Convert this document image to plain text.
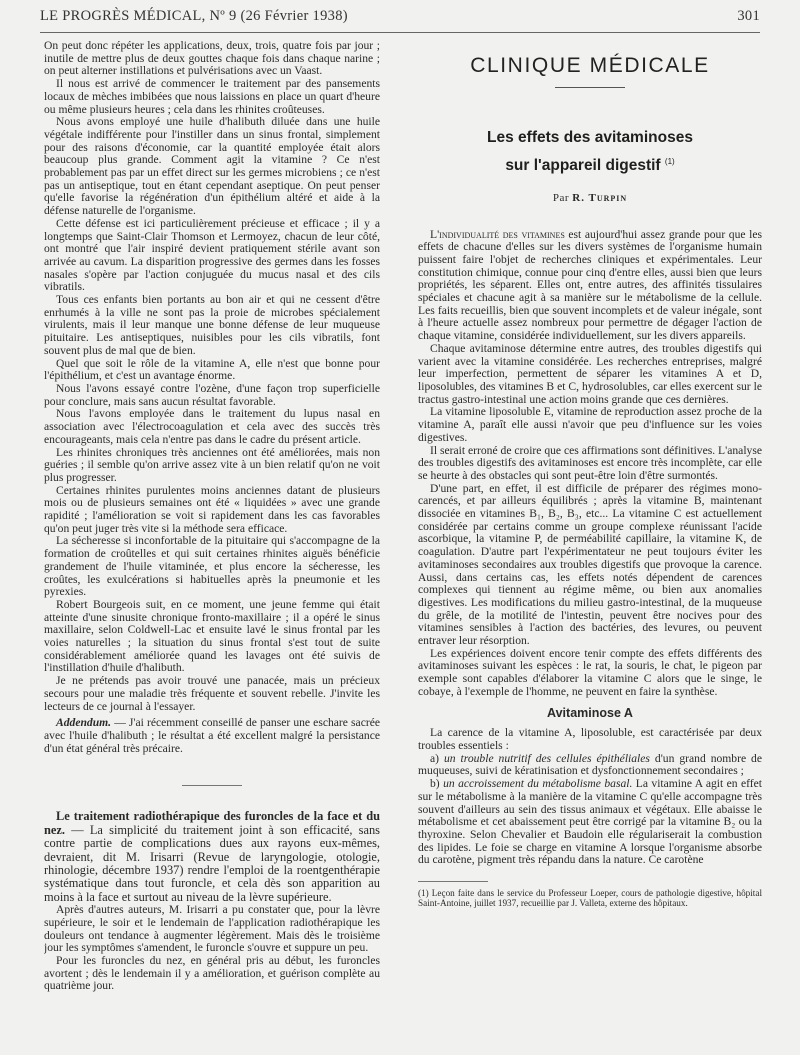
LE PROGRÈS MÉDICAL, Nº 9 (26 Février 1938)	301

On peut donc répéter les applications, deux, trois, quatre fois par jour ; inutile de mettre plus de deux gouttes chaque fois dans chaque narine ; on peut alterner instillations et pulvérisations avec un Vaast.

Il nous est arrivé de commencer le traitement par des pansements locaux de mèches imbibées que nous laissions en place un quart d'heure ou même plusieurs heures ; cela dans les rhinites croûteuses.

Nous avons employé une huile d'halibuth diluée dans une huile végétale indifférente pour l'instiller dans un sinus frontal, simplement pour des raisons d'économie, car la quantité employée était alors beaucoup plus grande. Comment agit la vitamine ? Ce n'est probablement pas par un effet direct sur les germes microbiens ; ce n'est pas un antiseptique, tout en étant cependant aseptique. On peut penser qu'elle favorise la régénération d'un épithélium altéré et aide à la défense naturelle de l'organisme.

Cette défense est ici particulièrement précieuse et efficace ; il y a longtemps que Saint-Clair Thomson et Lermoyez, chacun de leur côté, ont montré que l'air inspiré devient pratiquement stérile avant son arrivée au cavum. La disparition progressive des germes dans les fosses nasales s'opère par l'action conjuguée du mucus nasal et des cils vibratils.

Tous ces enfants bien portants au bon air et qui ne cessent d'être enrhumés à la ville ne sont pas la proie de microbes spécialement virulents, mais il leur manque une bonne défense de leur muqueuse pituitaire. Les antiseptiques, nuisibles pour les cils vibratils, font souvent plus de mal que de bien.

Quel que soit le rôle de la vitamine A, elle n'est que bonne pour l'épithélium, et c'est un avantage énorme.

Nous l'avons essayé contre l'ozène, d'une façon trop superficielle pour conclure, mais sans aucun résultat favorable.

Nous l'avons employée dans le traitement du lupus nasal en association avec l'électrocoagulation et cela avec des succès très encourageants, mais cela n'entre pas dans le cadre du présent article.

Les rhinites chroniques très anciennes ont été améliorées, mais non guéries ; il semble qu'on arrive assez vite à un bien relatif qu'on ne voit plus progresser.

Certaines rhinites purulentes moins anciennes datant de plusieurs mois ou de plusieurs semaines ont été « liquidées » avec une grande rapidité ; l'amélioration se voit si rapidement dans les cas favorables qu'on peut juger très vite si la méthode sera efficace.

La sécheresse si inconfortable de la pituitaire qui s'accompagne de la formation de croûtelles et qui suit certaines rhinites aiguës bénéficie grandement de l'huile vitaminée, et plus encore la sécheresse, les croûtes, les exulcérations si habituelles après la pneumonie et les pyrexies.

Robert Bourgeois suit, en ce moment, une jeune femme qui était atteinte d'une sinusite chronique fronto-maxillaire ; il a opéré le sinus maxillaire, selon Coldwell-Lac et ensuite lavé le sinus frontal par les voies naturelles ; la situation du sinus frontal s'est tout de suite considérablement améliorée quand les lavages ont été suivis de l'instillation d'huile d'halibuth.

Je ne prétends pas avoir trouvé une panacée, mais un précieux secours pour une maladie très fréquente et souvent rebelle. J'invite les lecteurs de ce journal à l'essayer.

Addendum. — J'ai récemment conseillé de panser une eschare sacrée avec l'huile d'halibuth ; le résultat a été excellent malgré la persistance d'un état général très précaire.

Le traitement radiothérapique des furoncles de la face et du nez. — La simplicité du traitement joint à son efficacité, sans contre partie de complications dues aux rayons eux-mêmes, devraient, dit M. Irisarri (Revue de laryngologie, otologie, rhinologie, décembre 1937) rendre l'emploi de la roentgenthérapie systématique dans tout furoncle, et cela dès son apparition au moins à la face et surtout au niveau de la lèvre supérieure.

Après d'autres auteurs, M. Irisarri a pu constater que, pour la lèvre supérieure, le soir et le lendemain de l'application radiothérapique les douleurs ont tendance à augmenter légèrement. Mais dès le troisième jour les symptômes s'amendent, le furoncle s'ouvre et suppure un peu.

Pour les furoncles du nez, en général pris au début, les furoncles avortent ; dès le lendemain il y a amélioration, et guérison complète au quatrième jour.

CLINIQUE MÉDICALE
Les effets des avitaminoses
sur l'appareil digestif $^{(1)}$
Par R. Turpin

L'individualité des vitamines est aujourd'hui assez grande pour que les effets de chacune d'elles sur les divers systèmes de l'organisme humain puissent faire l'objet de recherches cliniques et expérimentales. Leur constitution chimique, connue pour cinq d'entre elles, aussi bien que leurs propriétés, les séparent. Elles ont, entre autres, des affinités tissulaires spéciales et chacune agit à sa manière sur le métabolisme de la cellule. Les faits recueillis, bien que souvent incomplets et de valeur inégale, sont à l'heure actuelle assez nombreux pour permettre de dégager l'action de chaque vitamine, considérée individuellement, sur les divers appareils.

Chaque avitaminose détermine entre autres, des troubles digestifs qui varient avec la vitamine considérée. Les recherches entreprises, malgré leur imperfection, permettent de séparer les vitamines A et D, liposolubles, des vitamines B et C, hydrosolubles, car elles exercent sur le tractus gastro-intestinal une action moins grande que ces dernières.

La vitamine liposoluble E, vitamine de reproduction assez proche de la vitamine A, paraît elle aussi n'avoir que peu d'influence sur les voies digestives.

Il serait erroné de croire que ces affirmations sont définitives. L'analyse des troubles digestifs des avitaminoses est encore très incomplète, car elle se heurte à des obstacles qui sont peut-être loin d'être surmontés.

D'une part, en effet, il est difficile de préparer des régimes mono-carencés, et par ailleurs équilibrés ; après la vitamine B, maintenant dissociée en vitamines B₁, B₂, B₃, etc... La vitamine C est actuellement considérée par certains comme un groupe complexe réunissant l'acide ascorbique, la vitamine P, de perméabilité capillaire, la vitamine K, de coagulation. D'autre part l'expérimentateur ne peut toujours éviter les avitaminoses secondaires aux troubles digestifs que provoque la carence. Aussi, dans certains cas, les effets notés dépendent de carences complexes qui tiennent au régime même, ou bien aux anomalies digestives. Les modifications du milieu gastro-intestinal, de la muqueuse du grêle, de la motilité de l'intestin, peuvent être nocives pour des vitamines sensibles à l'action des bactéries, des levures, ou peuvent entraver leur résorption.

Les expériences doivent encore tenir compte des effets différents des avitaminoses suivant les espèces : le rat, la souris, le chat, le pigeon par exemple sont capables d'élaborer la vitamine C alors que le singe, le cobaye, à l'exemple de l'homme, ne peuvent en faire la synthèse.

Avitaminose A

La carence de la vitamine A, liposoluble, est caractérisée par deux troubles essentiels :

a) un trouble nutritif des cellules épithéliales d'un grand nombre de muqueuses, suivi de kératinisation et dysfonctionnement secondaires ;

b) un accroissement du métabolisme basal. La vitamine A agit en effet sur le métabolisme à la manière de la vitamine C qu'elle accompagne très souvent d'ailleurs au sein des tissus animaux et végétaux. Elle abaisse le métabolisme et cet abaissement peut être corrigé par la vitamine B₂ ou la thyroxine. Selon Chevalier et Baudoin elle régulariserait la combustion des lipides. Le foie se charge en vitamine A lorsque l'organisme absorbe du carotène, pigment très répandu dans la nature. Ce carotène

(1) Leçon faite dans le service du Professeur Loeper, cours de pathologie digestive, hôpital Saint-Antoine, juillet 1937, recueillie par J. Valleta, externe des hôpitaux.
